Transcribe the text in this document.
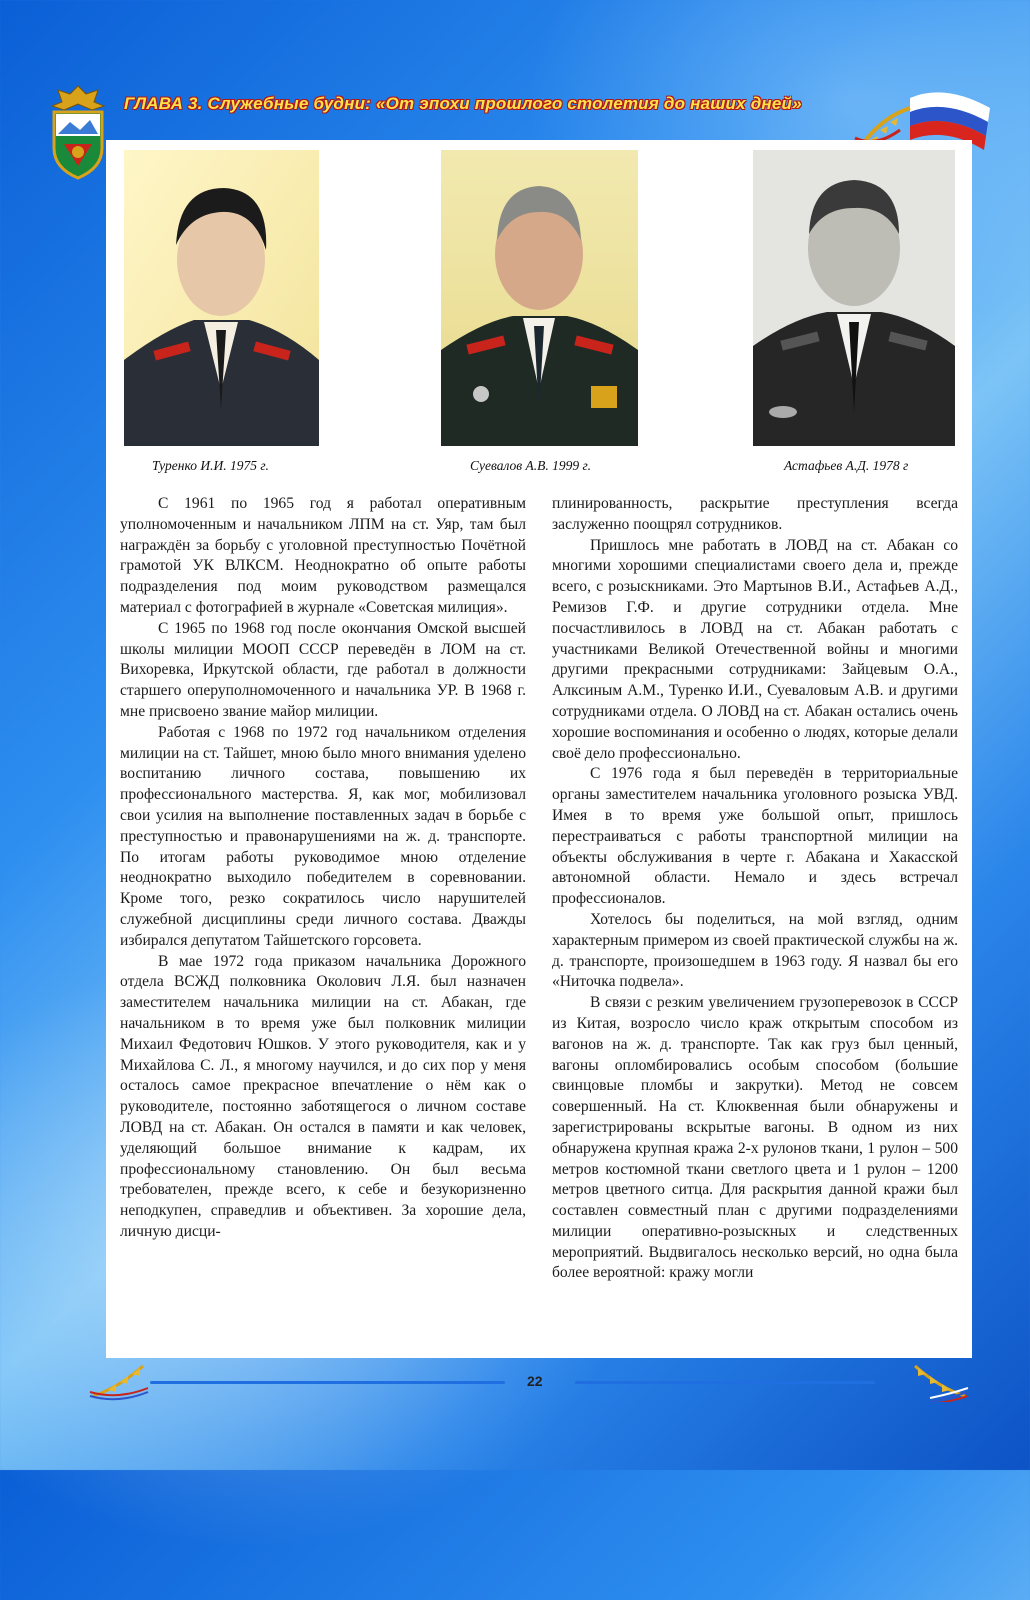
ГЛАВА 3. Служебные будни: «От эпохи прошлого столетия до наших дней»
Туренко И.И. 1975 г.	Суевалов А.В. 1999 г.	Астафьев А.Д. 1978 г

С 1961 по 1965 год я работал оперативным уполномоченным и начальником ЛПМ на ст. Уяр, там был награждён за борьбу с уголовной преступностью Почётной грамотой УК ВЛКСМ. Неоднократно об опыте работы подразделения под моим руководством размещался материал с фотографией в журнале «Советская милиция».

С 1965 по 1968 год после окончания Омской высшей школы милиции МООП СССР переведён в ЛОМ на ст. Вихоревка, Иркутской области, где работал в должности старшего оперуполномоченного и начальника УР. В 1968 г. мне присвоено звание майор милиции.

Работая с 1968 по 1972 год начальником отделения милиции на ст. Тайшет, мною было много внимания уделено воспитанию личного состава, повышению их профессионального мастерства. Я, как мог, мобилизовал свои усилия на выполнение поставленных задач в борьбе с преступностью и правонарушениями на ж. д. транспорте. По итогам работы руководимое мною отделение неоднократно выходило победителем в соревновании. Кроме того, резко сократилось число нарушителей служебной дисциплины среди личного состава. Дважды избирался депутатом Тайшетского горсовета.

В мае 1972 года приказом начальника Дорожного отдела ВСЖД полковника Околович Л.Я. был назначен заместителем начальника милиции на ст. Абакан, где начальником в то время уже был полковник милиции Михаил Федотович Юшков. У этого руководителя, как и у Михайлова С. Л., я многому научился, и до сих пор у меня осталось самое прекрасное впечатление о нём как о руководителе, постоянно заботящегося о личном составе ЛОВД на ст. Абакан. Он остался в памяти и как человек, уделяющий большое внимание к кадрам, их профессиональному становлению. Он был весьма требователен, прежде всего, к себе и безукоризненно неподкупен, справедлив и объективен. За хорошие дела, личную дисци-

плинированность, раскрытие преступления всегда заслуженно поощрял сотрудников.

Пришлось мне работать в ЛОВД на ст. Абакан со многими хорошими специалистами своего дела и, прежде всего, с розыскниками. Это Мартынов В.И., Астафьев А.Д., Ремизов Г.Ф. и другие сотрудники отдела. Мне посчастливилось в ЛОВД на ст. Абакан работать с участниками Великой Отечественной войны и многими другими прекрасными сотрудниками: Зайцевым О.А., Алксиным А.М., Туренко И.И., Суеваловым А.В. и другими сотрудниками отдела. О ЛОВД на ст. Абакан остались очень хорошие воспоминания и особенно о людях, которые делали своё дело профессионально.

С 1976 года я был переведён в территориальные органы заместителем начальника уголовного розыска УВД. Имея в то время уже большой опыт, пришлось перестраиваться с работы транспортной милиции на объекты обслуживания в черте г. Абакана и Хакасской автономной области. Немало и здесь встречал профессионалов.

Хотелось бы поделиться, на мой взгляд, одним характерным примером из своей практической службы на ж. д. транспорте, произошедшем в 1963 году. Я назвал бы его «Ниточка подвела».

В связи с резким увеличением грузоперевозок в СССР из Китая, возросло число краж открытым способом из вагонов на ж. д. транспорте. Так как груз был ценный, вагоны опломбировались особым способом (большие свинцовые пломбы и закрутки). Метод не совсем совершенный. На ст. Клюквенная были обнаружены и зарегистрированы вскрытые вагоны. В одном из них обнаружена крупная кража 2-х рулонов ткани, 1 рулон – 500 метров костюмной ткани светлого цвета и 1 рулон – 1200 метров цветного ситца. Для раскрытия данной кражи был составлен совместный план с другими подразделениями милиции оперативно-розыскных и следственных мероприятий. Выдвигалось несколько версий, но одна была более вероятной: кражу могли

22
